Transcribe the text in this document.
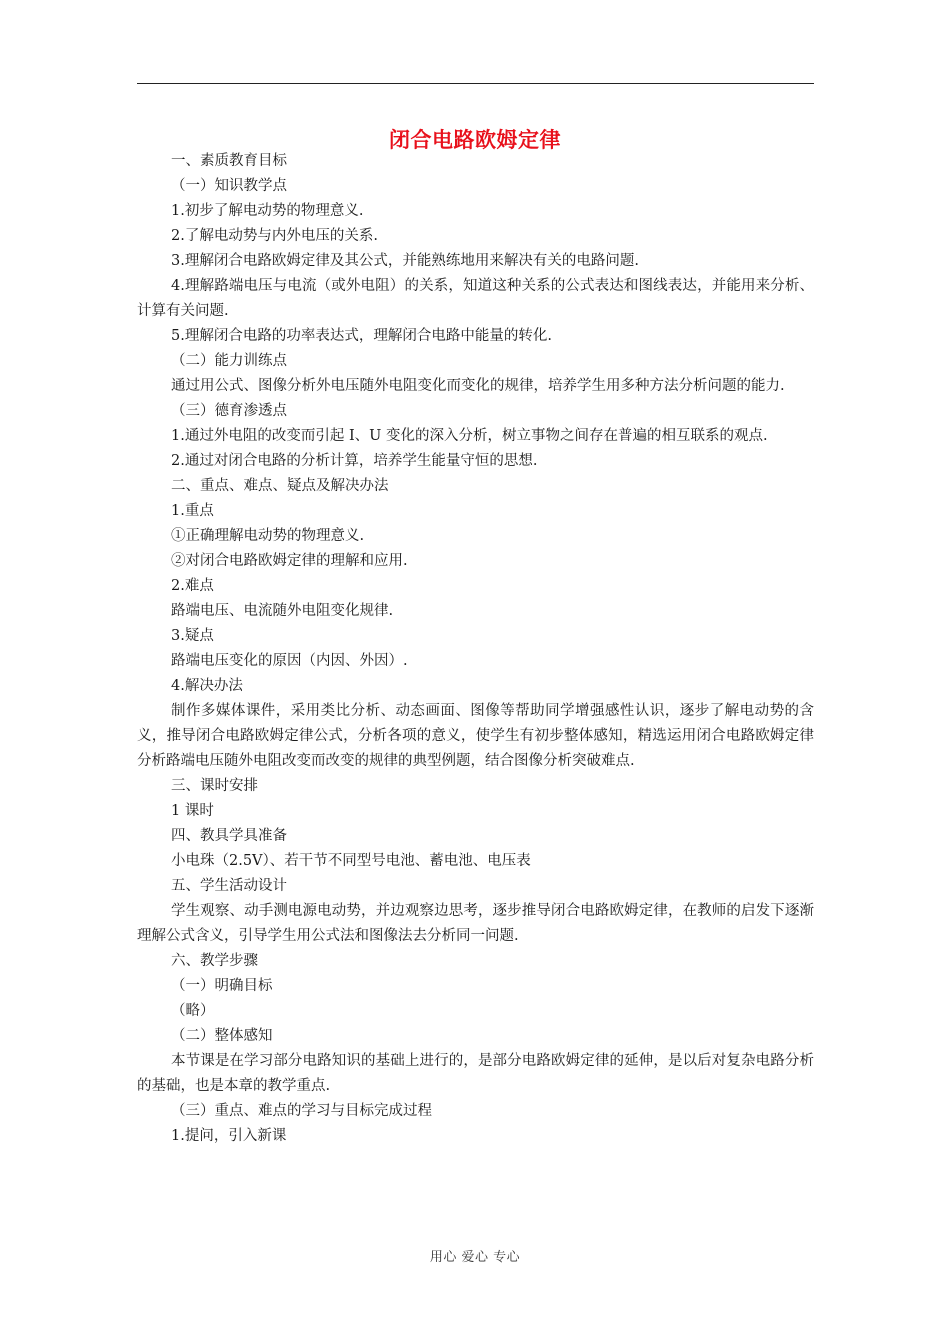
闭合电路欧姆定律

一、素质教育目标

（一）知识教学点

1.初步了解电动势的物理意义.

2.了解电动势与内外电压的关系.

3.理解闭合电路欧姆定律及其公式，并能熟练地用来解决有关的电路问题.

4.理解路端电压与电流（或外电阻）的关系，知道这种关系的公式表达和图线表达，并能用来分析、计算有关问题.

5.理解闭合电路的功率表达式，理解闭合电路中能量的转化.

（二）能力训练点

通过用公式、图像分析外电压随外电阻变化而变化的规律，培养学生用多种方法分析问题的能力.

（三）德育渗透点

1.通过外电阻的改变而引起 I、U 变化的深入分析，树立事物之间存在普遍的相互联系的观点.

2.通过对闭合电路的分析计算，培养学生能量守恒的思想.

二、重点、难点、疑点及解决办法

1.重点

①正确理解电动势的物理意义.

②对闭合电路欧姆定律的理解和应用.

2.难点

路端电压、电流随外电阻变化规律.

3.疑点

路端电压变化的原因（内因、外因）.

4.解决办法

制作多媒体课件，采用类比分析、动态画面、图像等帮助同学增强感性认识，逐步了解电动势的含义，推导闭合电路欧姆定律公式，分析各项的意义，使学生有初步整体感知，精选运用闭合电路欧姆定律分析路端电压随外电阻改变而改变的规律的典型例题，结合图像分析突破难点.

三、课时安排

1 课时

四、教具学具准备

小电珠（2.5V）、若干节不同型号电池、蓄电池、电压表

五、学生活动设计

学生观察、动手测电源电动势，并边观察边思考，逐步推导闭合电路欧姆定律，在教师的启发下逐渐理解公式含义，引导学生用公式法和图像法去分析同一问题.

六、教学步骤

（一）明确目标

（略）

（二）整体感知

本节课是在学习部分电路知识的基础上进行的，是部分电路欧姆定律的延伸，是以后对复杂电路分析的基础，也是本章的教学重点.

（三）重点、难点的学习与目标完成过程

1.提问，引入新课

用心 爱心 专心
